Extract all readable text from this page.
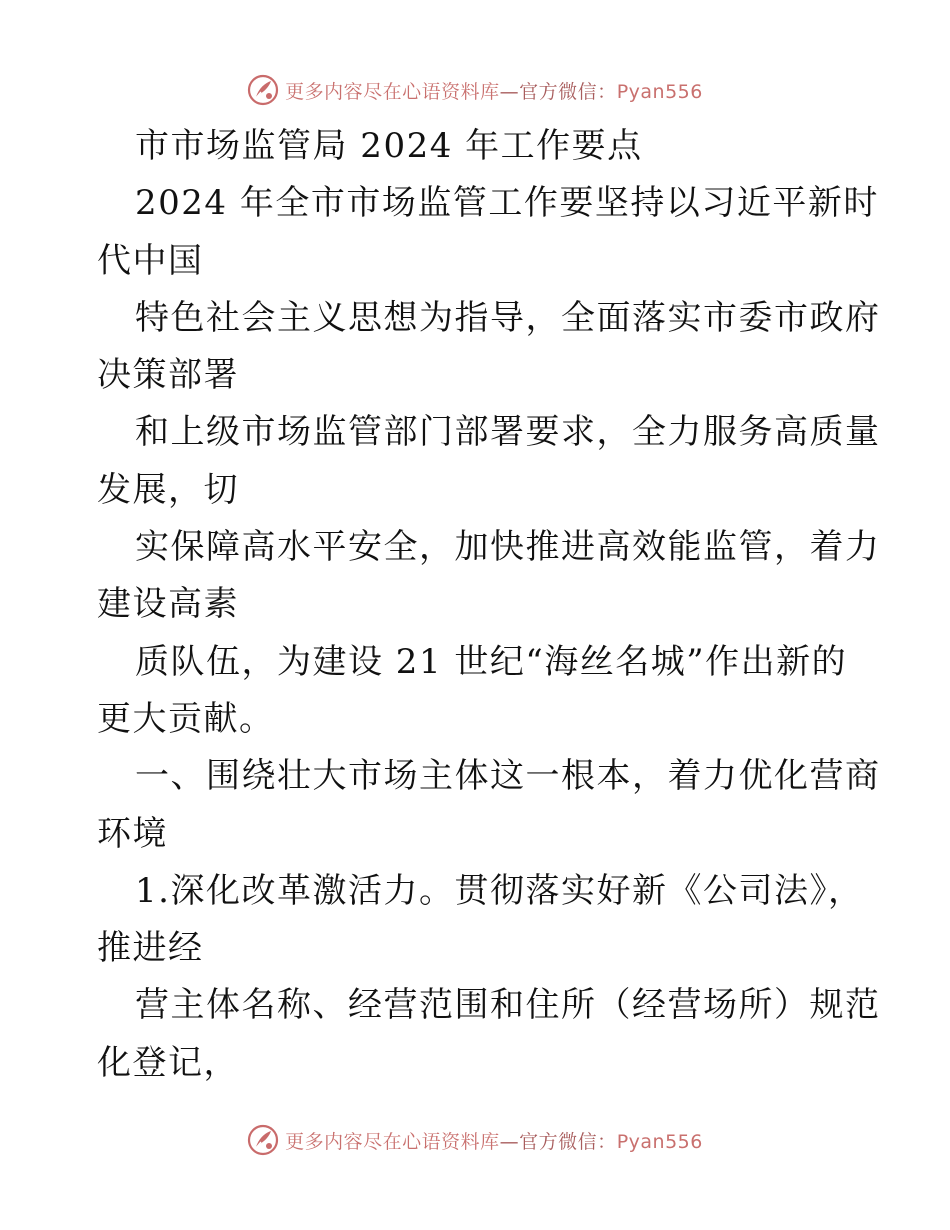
更多内容尽在心语资料库—官方微信：Pyan556
市市场监管局 2024 年工作要点
2024 年全市市场监管工作要坚持以习近平新时
代中国
特色社会主义思想为指导，全面落实市委市政府
决策部署
和上级市场监管部门部署要求，全力服务高质量
发展，切
实保障高水平安全，加快推进高效能监管，着力
建设高素
质队伍，为建设 21 世纪“海丝名城”作出新的
更大贡献。
一、围绕壮大市场主体这一根本，着力优化营商
环境
1.深化改革激活力。贯彻落实好新《公司法》，
推进经
营主体名称、经营范围和住所（经营场所）规范
化登记，
更多内容尽在心语资料库—官方微信：Pyan556
